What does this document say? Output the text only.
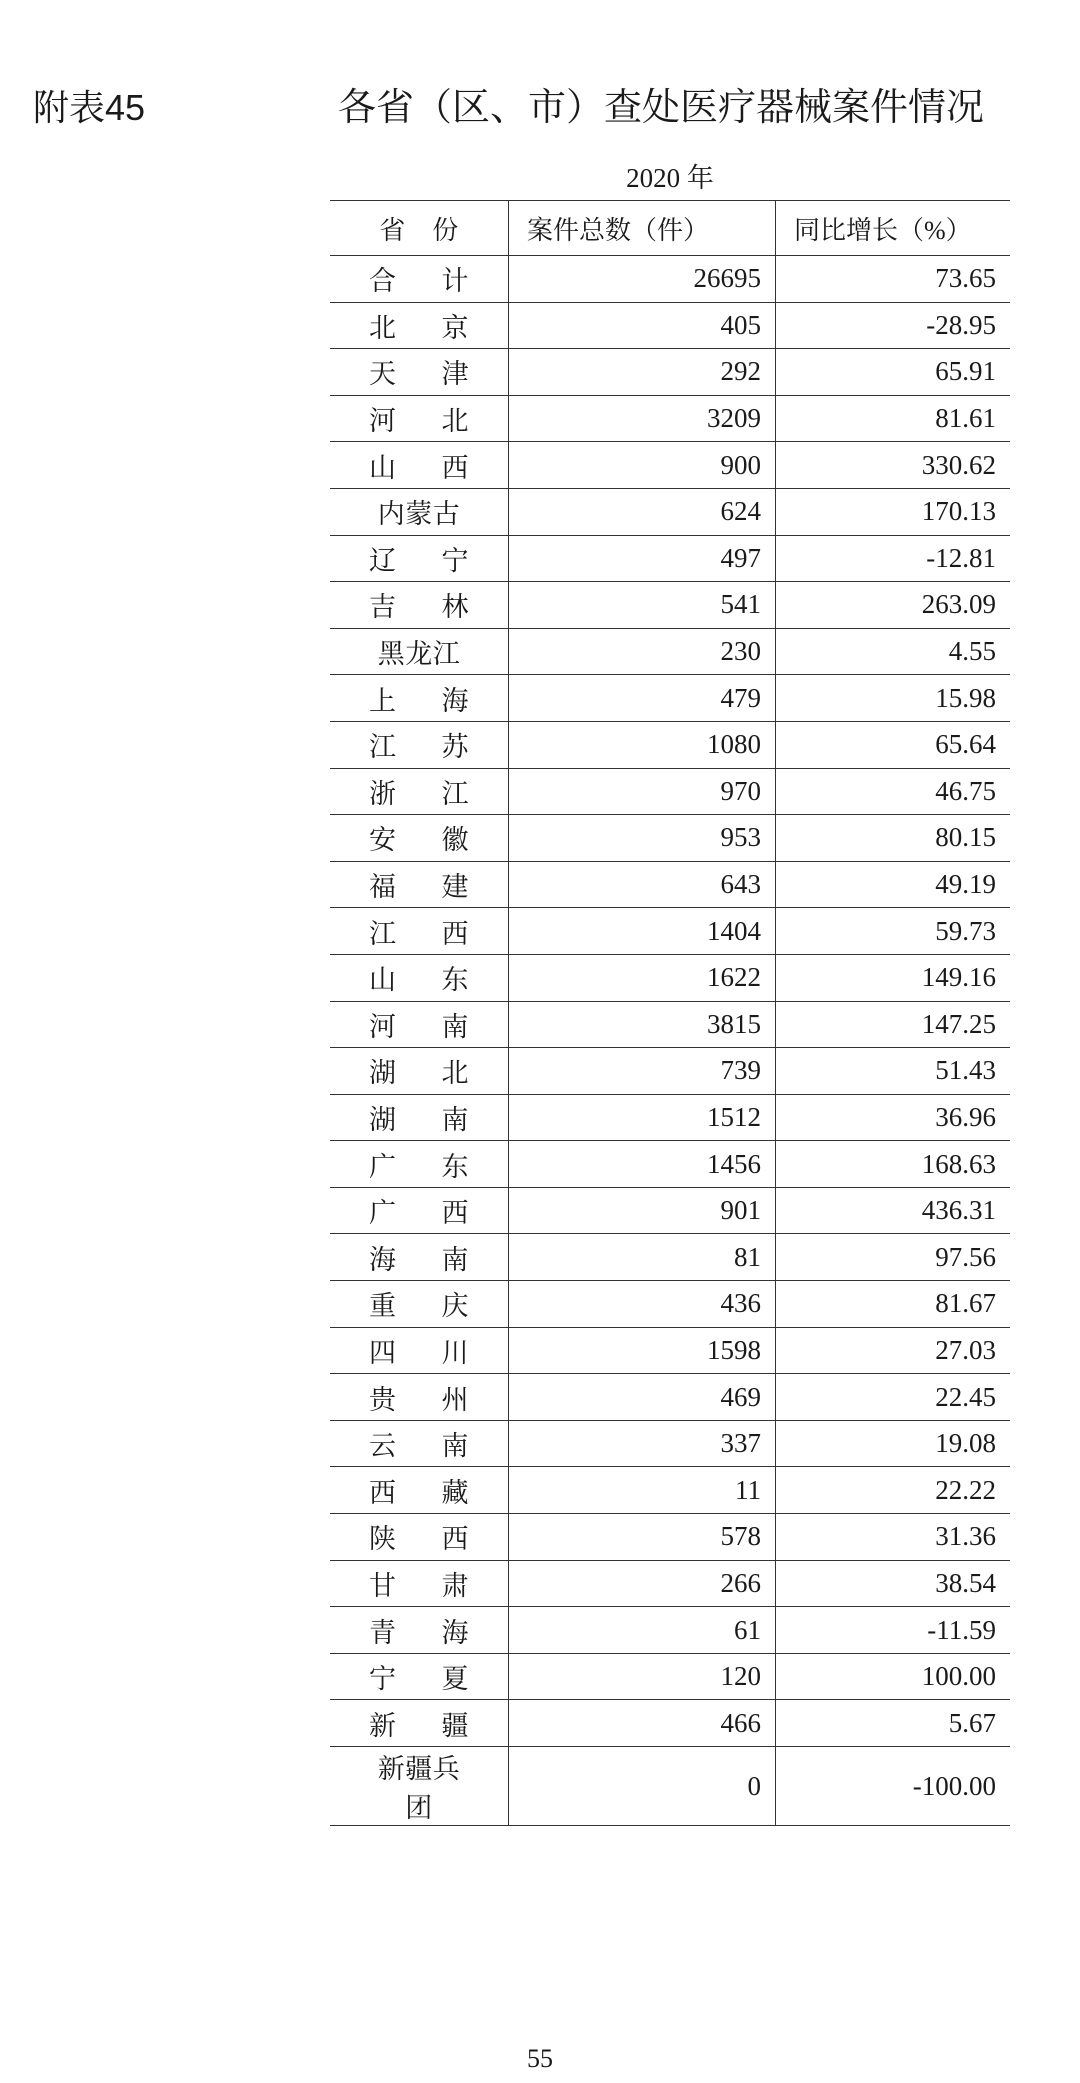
附表45	各省（区、市）查处医疗器械案件情况
2020 年
省　份	案件总数（件）	同比增长（%）
合计	26695	73.65
北京	405	-28.95
天津	292	65.91
河北	3209	81.61
山西	900	330.62
内蒙古	624	170.13
辽宁	497	-12.81
吉林	541	263.09
黑龙江	230	4.55
上海	479	15.98
江苏	1080	65.64
浙江	970	46.75
安徽	953	80.15
福建	643	49.19
江西	1404	59.73
山东	1622	149.16
河南	3815	147.25
湖北	739	51.43
湖南	1512	36.96
广东	1456	168.63
广西	901	436.31
海南	81	97.56
重庆	436	81.67
四川	1598	27.03
贵州	469	22.45
云南	337	19.08
西藏	11	22.22
陕西	578	31.36
甘肃	266	38.54
青海	61	-11.59
宁夏	120	100.00
新疆	466	5.67
新疆兵团	0	-100.00
55
